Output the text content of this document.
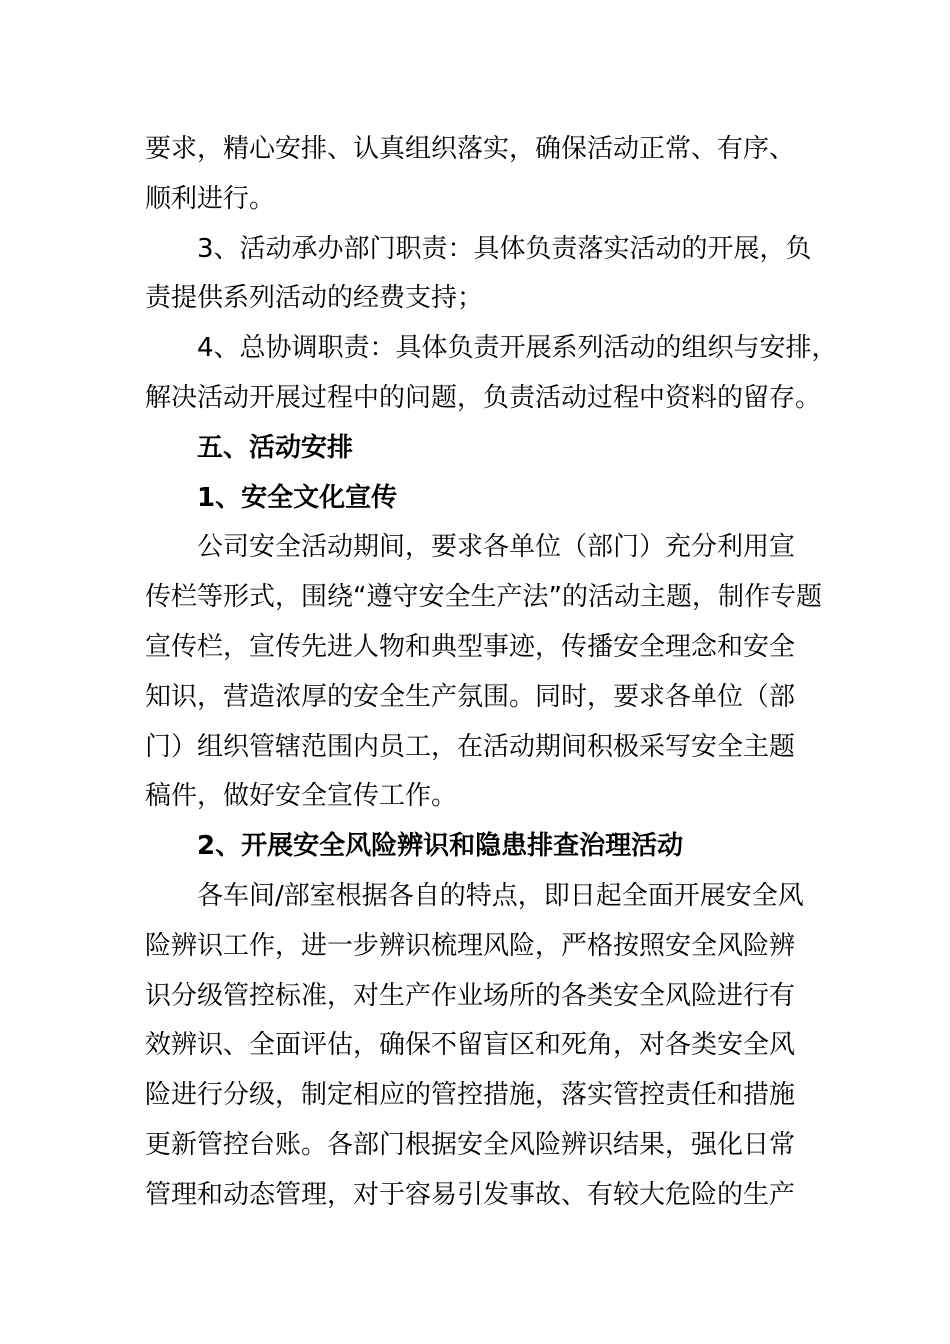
要求，精心安排、认真组织落实，确保活动正常、有序、
顺利进行。
3、活动承办部门职责：具体负责落实活动的开展，负
责提供系列活动的经费支持；
4、总协调职责：具体负责开展系列活动的组织与安排，
解决活动开展过程中的问题，负责活动过程中资料的留存。
五、活动安排
1、安全文化宣传
公司安全活动期间，要求各单位（部门）充分利用宣
传栏等形式，围绕“遵守安全生产法”的活动主题，制作专题
宣传栏，宣传先进人物和典型事迹，传播安全理念和安全
知识，营造浓厚的安全生产氛围。同时，要求各单位（部
门）组织管辖范围内员工，在活动期间积极采写安全主题
稿件，做好安全宣传工作。
2、开展安全风险辨识和隐患排查治理活动
各车间/部室根据各自的特点，即日起全面开展安全风
险辨识工作，进一步辨识梳理风险，严格按照安全风险辨
识分级管控标准，对生产作业场所的各类安全风险进行有
效辨识、全面评估，确保不留盲区和死角，对各类安全风
险进行分级，制定相应的管控措施，落实管控责任和措施
更新管控台账。各部门根据安全风险辨识结果，强化日常
管理和动态管理，对于容易引发事故、有较大危险的生产
